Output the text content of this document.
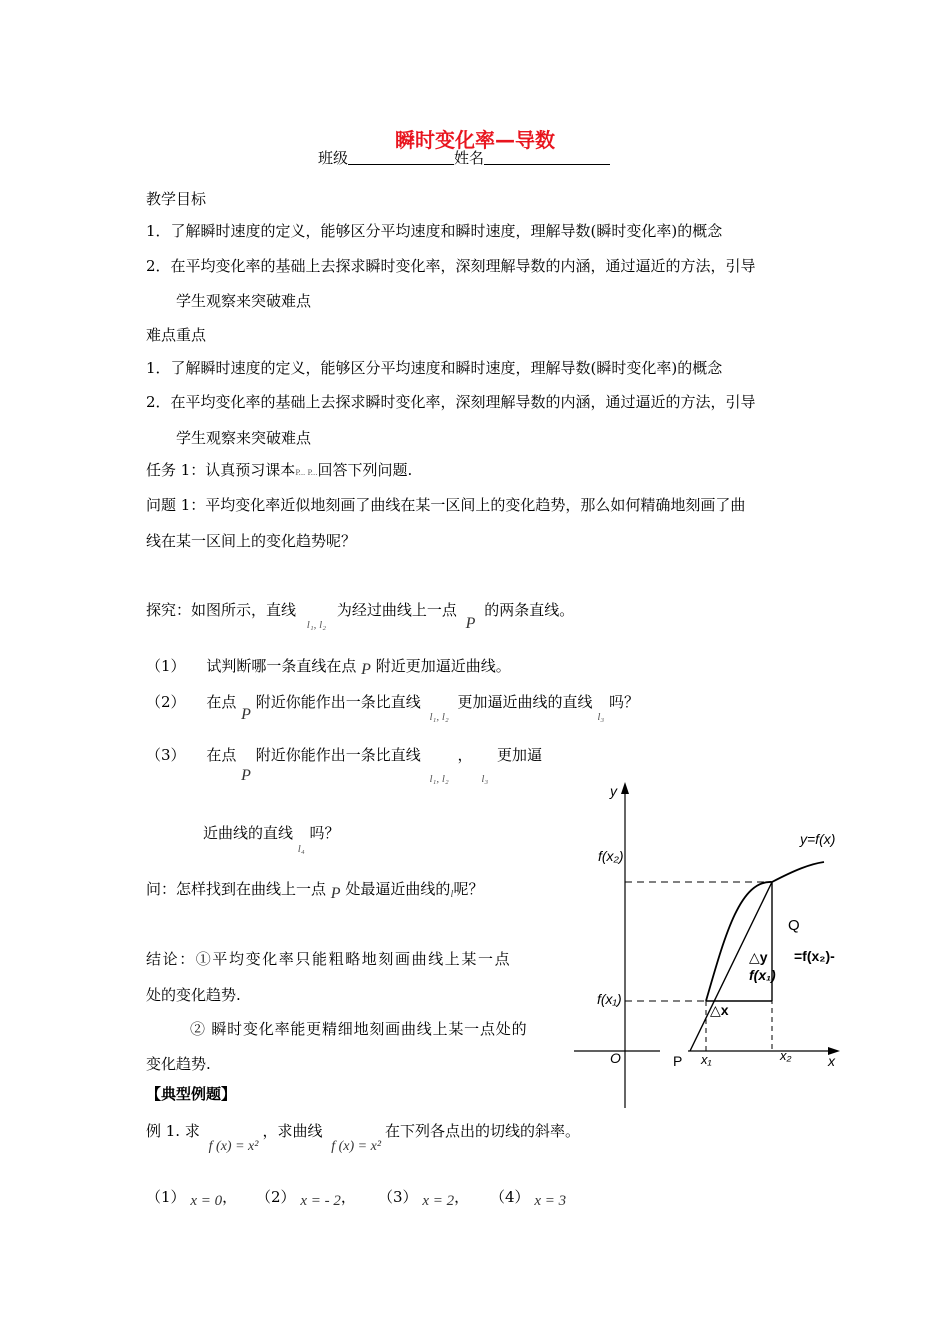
瞬时变化率—导数
班级	姓名
教学目标
1．了解瞬时速度的定义，能够区分平均速度和瞬时速度，理解导数(瞬时变化率)的概念
2．在平均变化率的基础上去探求瞬时变化率，深刻理解导数的内涵，通过逼近的方法，引导
学生观察来突破难点
难点重点
1．了解瞬时速度的定义，能够区分平均速度和瞬时速度，理解导数(瞬时变化率)的概念
2．在平均变化率的基础上去探求瞬时变化率，深刻理解导数的内涵，通过逼近的方法，引导
学生观察来突破难点
任务 1：认真预习课本P... P...回答下列问题.
问题 1：平均变化率近似地刻画了曲线在某一区间上的变化趋势，那么如何精确地刻画了曲
线在某一区间上的变化趋势呢？
探究：如图所示，直线 $_{l_1, l_2}$ 为经过曲线上一点 P 的两条直线。
（1） 试判断哪一条直线在点 P 附近更加逼近曲线。
（2） 在点 P 附近你能作出一条比直线 $_{l_1, l_2}$ 更加逼近曲线的直线 $_{l_3}$ 吗？
（3） 在点 P 附近你能作出一条比直线 $_{l_1, l_2}$ ， $_{l_3}$ 更加逼
近曲线的直线 $_{l_4}$ 吗？
问：怎样找到在曲线上一点 P 处最逼近曲线的$_l$呢？
结论：①平均变化率只能粗略地刻画曲线上某一点
处的变化趋势.
② 瞬时变化率能更精细地刻画曲线上某一点处的
变化趋势.
【典型例题】
例 1. 求 f (x) = x²，求曲线 f (x) = x²在下列各点出的切线的斜率。
（1） x = 0， （2） x = - 2， （3） x = 2， （4） x = 3
y
x
O
y=f(x)
f(x₂)
f(x₁)
x₁	x₂
P
Q
△y
f(x₁)
=f(x₂)-
△x
